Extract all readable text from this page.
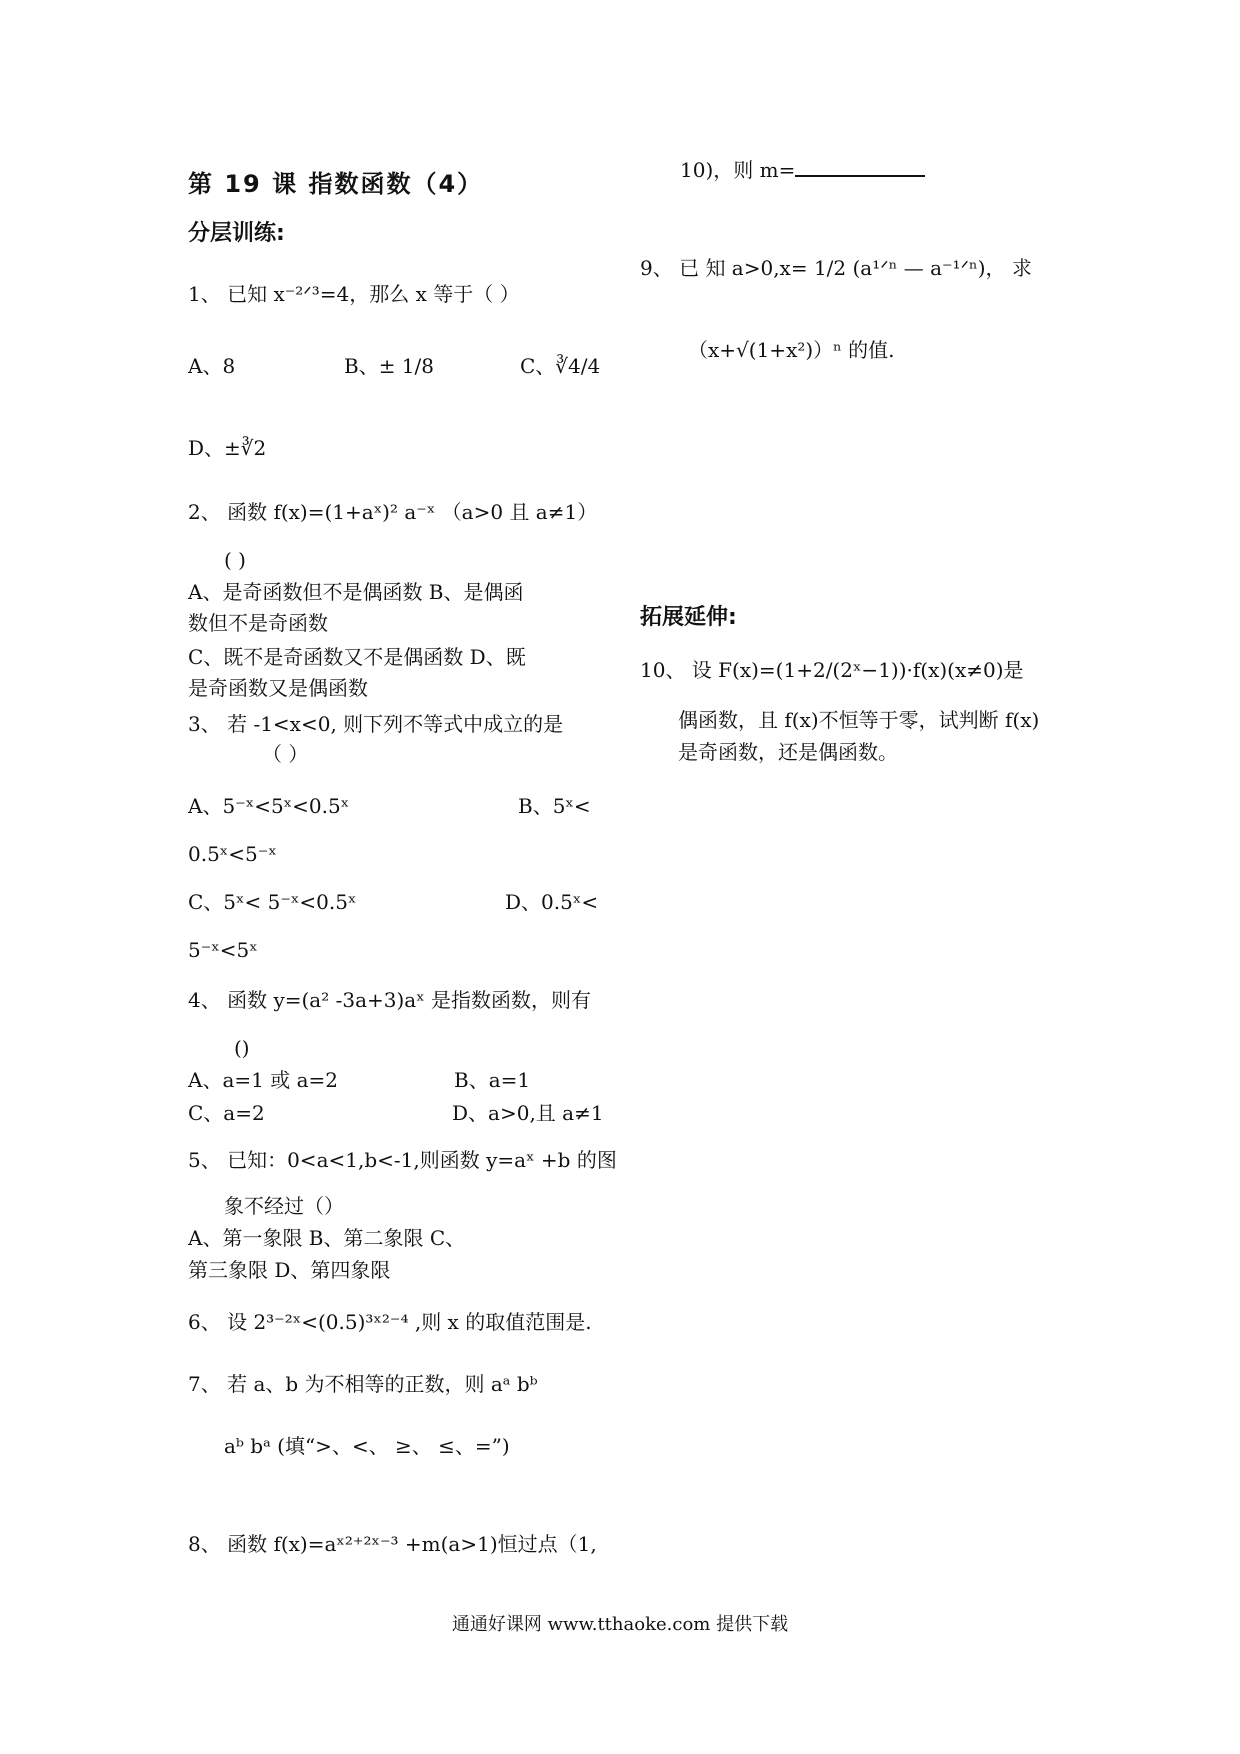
第 19 课 指数函数（4）
分层训练:
1、 已知 x⁻²ᐟ³=4，那么 x 等于（ ）
A、8	B、± 1/8	C、∛4/4
D、±∛2
2、 函数 f(x)=(1+aˣ)² a⁻ˣ （a>0 且 a≠1）
( )
A、是奇函数但不是偶函数 B、是偶函
数但不是奇函数
C、既不是奇函数又不是偶函数 D、既
是奇函数又是偶函数
3、 若 -1<x<0, 则下列不等式中成立的是
（ ）
A、5⁻ˣ<5ˣ<0.5ˣ	B、5ˣ<
0.5ˣ<5⁻ˣ
C、5ˣ< 5⁻ˣ<0.5ˣ	D、0.5ˣ<
5⁻ˣ<5ˣ
4、 函数 y=(a² -3a+3)aˣ 是指数函数，则有
()
A、a=1 或 a=2	B、a=1
C、a=2	D、a>0,且 a≠1
5、 已知：0<a<1,b<-1,则函数 y=aˣ +b 的图
象不经过（）
A、第一象限 B、第二象限 C、
第三象限 D、第四象限
6、 设 2³⁻²ˣ<(0.5)³ˣ²⁻⁴ ,则 x 的取值范围是.
7、 若 a、b 为不相等的正数，则 aᵃ bᵇ
aᵇ bᵃ (填“>、<、 ≥、 ≤、=”)
8、 函数 f(x)=aˣ²⁺²ˣ⁻³ +m(a>1)恒过点（1,
10)，则 m=
9、 已 知 a>0,x= 1/2 (a¹ᐟⁿ — a⁻¹ᐟⁿ)， 求
（x+√(1+x²)）ⁿ 的值.
拓展延伸:
10、 设 F(x)=(1+2/(2ˣ−1))·f(x)(x≠0)是
偶函数，且 f(x)不恒等于零，试判断 f(x)
是奇函数，还是偶函数。
通通好课网 www.tthaoke.com 提供下载
